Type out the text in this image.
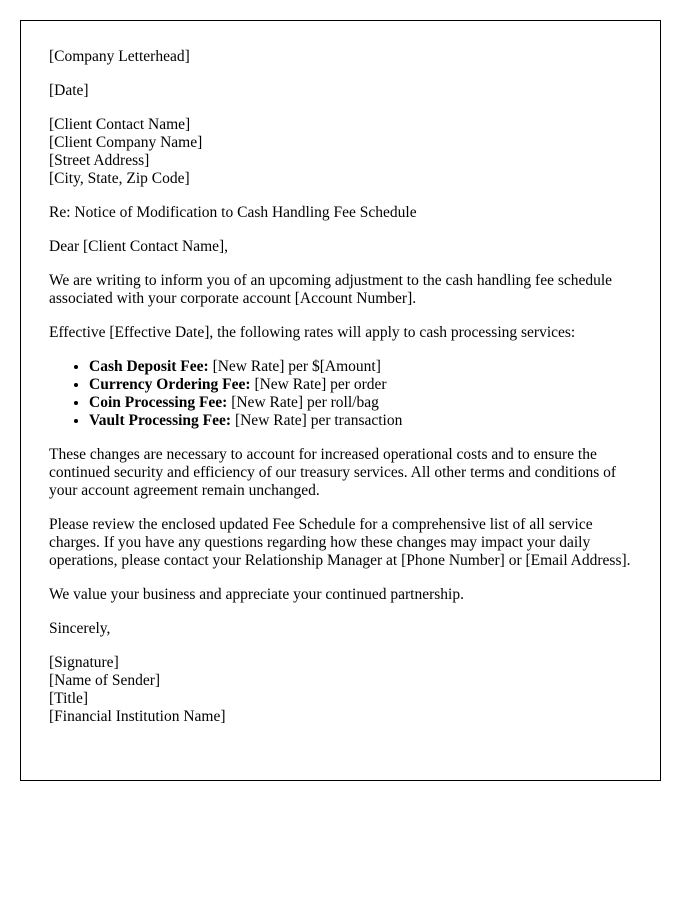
[Company Letterhead]

[Date]

[Client Contact Name]
[Client Company Name]
[Street Address]
[City, State, Zip Code]

Re: Notice of Modification to Cash Handling Fee Schedule

Dear [Client Contact Name],

We are writing to inform you of an upcoming adjustment to the cash handling fee schedule associated with your corporate account [Account Number].

Effective [Effective Date], the following rates will apply to cash processing services:

• Cash Deposit Fee: [New Rate] per $[Amount]
• Currency Ordering Fee: [New Rate] per order
• Coin Processing Fee: [New Rate] per roll/bag
• Vault Processing Fee: [New Rate] per transaction

These changes are necessary to account for increased operational costs and to ensure the continued security and efficiency of our treasury services. All other terms and conditions of your account agreement remain unchanged.

Please review the enclosed updated Fee Schedule for a comprehensive list of all service charges. If you have any questions regarding how these changes may impact your daily operations, please contact your Relationship Manager at [Phone Number] or [Email Address].

We value your business and appreciate your continued partnership.

Sincerely,

[Signature]
[Name of Sender]
[Title]
[Financial Institution Name]
